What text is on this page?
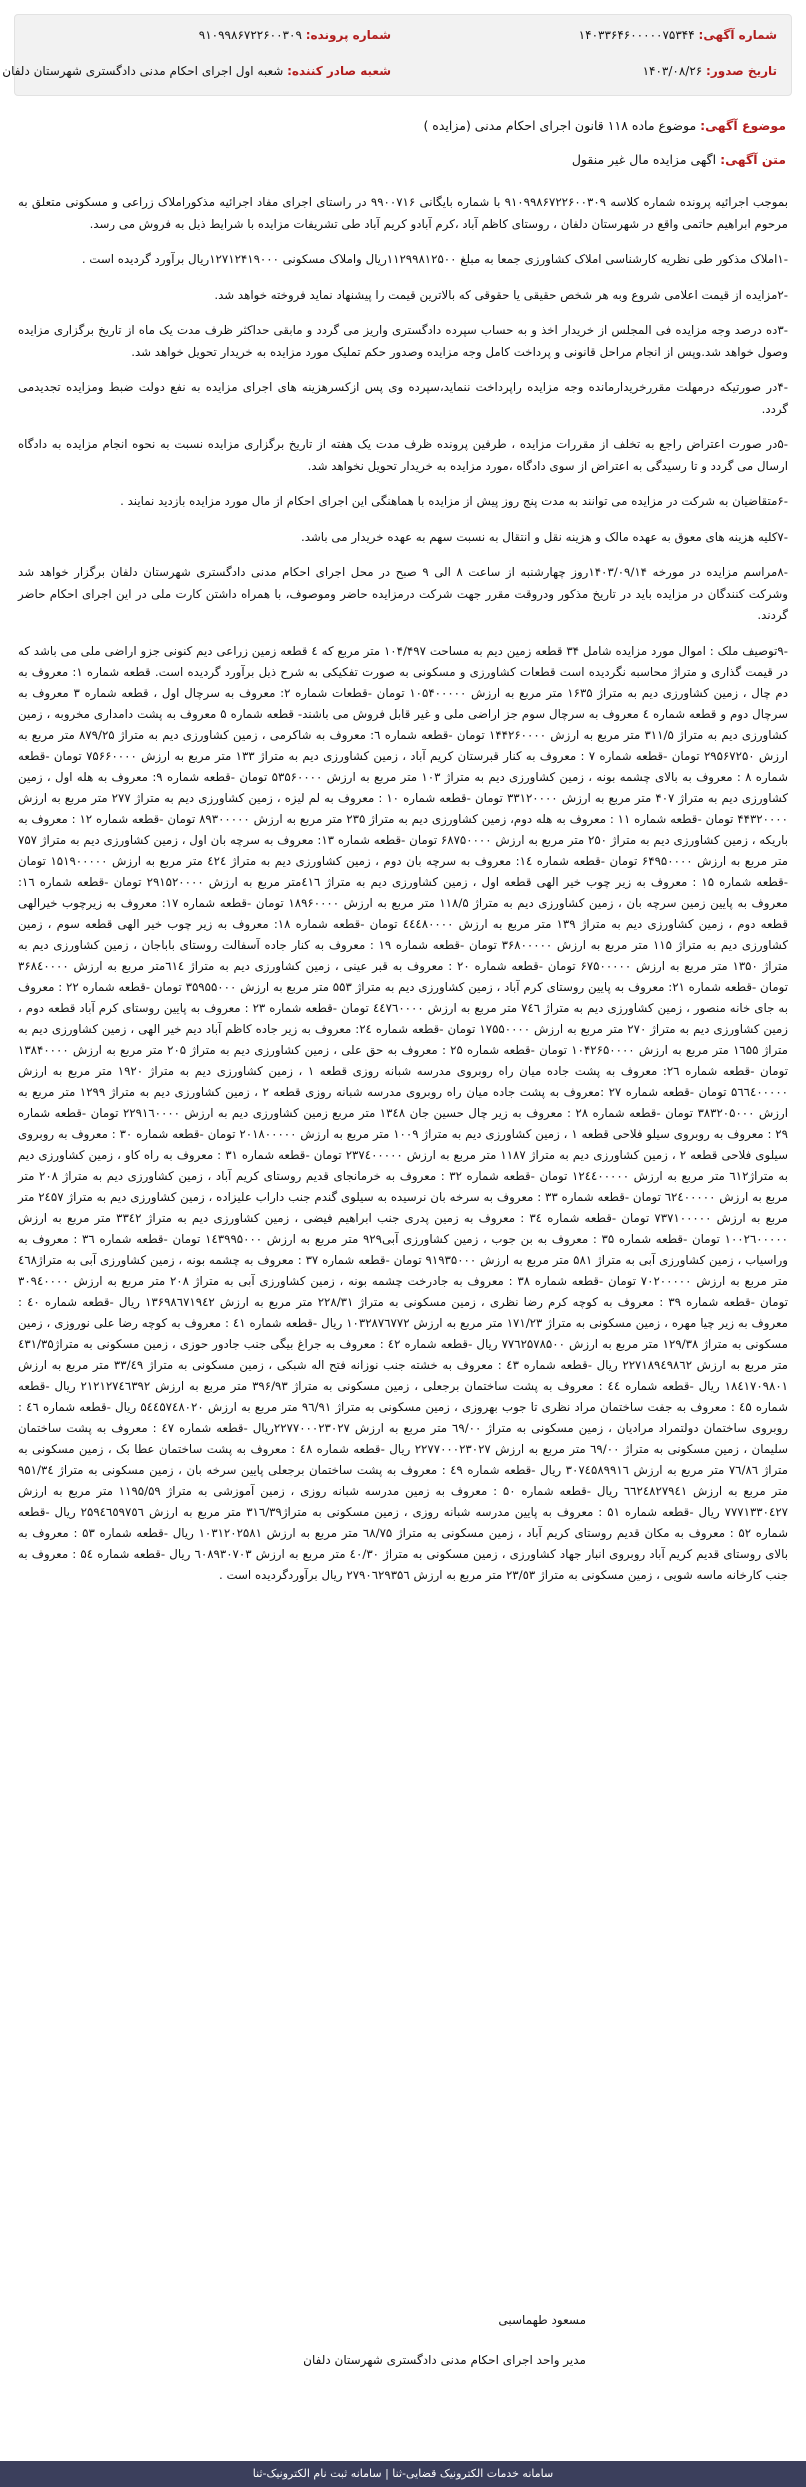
شماره آگهی: ۱۴۰۳۳۶۴۶۰۰۰۰۰۷۵۳۴۴
شماره پرونده: ۹۱۰۹۹۸۶۷۲۲۶۰۰۳۰۹
تاریخ صدور: ۱۴۰۳/۰۸/۲۶
شعبه صادر کننده: شعبه اول اجرای احکام مدنی دادگستری شهرستان دلفان
موضوع آگهی: موضوع ماده ۱۱۸ قانون اجرای احکام مدنی (مزایده )
متن آگهی: اگهی مزایده مال غیر منقول

بموجب اجرائیه پرونده شماره کلاسه ۹۱۰۹۹۸۶۷۲۲۶۰۰۳۰۹ با شماره بایگانی ۹۹۰۰۷۱۶ در راستای اجرای مفاد اجرائیه مذکوراملاک زراعی و مسکونی متعلق به مرحوم ابراهیم حاتمی واقع در شهرستان دلفان ، روستای کاظم آباد ،کرم آبادو کریم آباد طی تشریفات مزایده با شرایط ذیل به فروش می رسد.

-۱املاک مذکور طی نظریه کارشناسی املاک کشاورزی جمعا به مبلغ ۱۱۲۹۹۸۱۲۵۰۰ریال واملاک مسکونی ۱۲۷۱۲۴۱۹۰۰۰ریال برآورد گردیده است .

-۲مزایده از قیمت اعلامی شروع وبه هر شخص حقیقی یا حقوقی که بالاترین قیمت را پیشنهاد نماید فروخته خواهد شد.

-۳ده درصد وجه مزایده فی المجلس از خریدار اخذ و به حساب سپرده دادگستری واریز می گردد و مابقی حداکثر ظرف مدت یک ماه از تاریخ برگزاری مزایده وصول خواهد شد.وپس از انجام مراحل قانونی و پرداخت کامل وجه مزایده وصدور حکم تملیک مورد مزایده به خریدار تحویل خواهد شد.

-۴در صورتیکه درمهلت مقررخریدارمانده وجه مزایده راپرداخت ننماید،سپرده وی پس ازکسرهزینه های اجرای مزایده به نفع دولت ضبط ومزایده تجدیدمی گردد.

-۵در صورت اعتراض راجع به تخلف از مقررات مزایده ، طرفین پرونده ظرف مدت یک هفته از تاریخ برگزاری مزایده نسبت به نحوه انجام مزایده به دادگاه ارسال می گردد و تا رسیدگی به اعتراض از سوی دادگاه ،مورد مزایده به خریدار تحویل نخواهد شد.

-۶متقاضیان به شرکت در مزایده می توانند به مدت پنج روز پیش از مزایده با هماهنگی این اجرای احکام از مال مورد مزایده بازدید نمایند .

-۷کلیه هزینه های معوق به عهده مالک و هزینه نقل و انتقال به نسبت سهم به عهده خریدار می باشد.

-۸مراسم مزایده در مورخه ۱۴۰۳/۰۹/۱۴روز چهارشنبه از ساعت ۸ الی ۹ صبح در محل اجرای احکام مدنی دادگستری شهرستان دلفان برگزار خواهد شد وشرکت کنندگان در مزایده باید در تاریخ مذکور ودروقت مقرر جهت شرکت درمزایده حاضر وموصوف، با همراه داشتن کارت ملی در این اجرای احکام حاضر گردند.

-۹توصیف ملک : اموال مورد مزایده شامل ۳۴ قطعه زمین دیم به مساحت ۱۰۴/۴۹۷ متر مربع که ٤ قطعه زمین زراعی دیم کنونی جزو اراضی ملی می باشد که در قیمت گذاری و متراژ محاسبه نگردیده است قطعات کشاورزی و مسکونی به صورت تفکیکی به شرح ذیل برآورد گردیده است. قطعه شماره ۱: معروف به دم چال ، زمین کشاورزی دیم به متراژ ۱۶۳۵ متر مربع به ارزش ۱۰۵۴۰۰۰۰۰ تومان -قطعات شماره ۲: معروف به سرچال اول ، قطعه شماره ۳ معروف به سرچال دوم و قطعه شماره ٤ معروف به سرچال سوم جز اراضی ملی و غیر قابل فروش می باشند- قطعه شماره ۵ معروف به پشت دامداری مخروبه ، زمین کشاورزی دیم به متراژ ۳۱۱/۵ متر مربع به ارزش ۱۴۴۲۶۰۰۰۰ تومان -قطعه شماره ٦: معروف به شاکرمی ، زمین کشاورزی دیم به متراژ ۸۷۹/۲۵ متر مربع به ارزش ۲۹۵۶۷۲۵۰ تومان -قطعه شماره ۷ : معروف به کنار قبرستان کریم آباد ، زمین کشاورزی دیم به متراژ ۱۳۳ متر مربع به ارزش ۷۵۶۶۰۰۰۰ تومان -قطعه شماره ۸ : معروف به بالای چشمه بونه ، زمین کشاورزی دیم به متراژ ۱۰۳ متر مربع به ارزش ۵۳۵۶۰۰۰۰ تومان -قطعه شماره ۹: معروف به هله اول ، زمین کشاورزی دیم به متراژ ۴۰۷ متر مربع به ارزش ۳۳۱۲۰۰۰۰ تومان -قطعه شماره ۱۰ : معروف به لم لیزه ، زمین کشاورزی دیم به متراژ ۲۷۷ متر مربع به ارزش ۴۴۳۲۰۰۰۰ تومان -قطعه شماره ۱۱ : معروف به هله دوم، زمین کشاورزی دیم به متراژ ۲۳۵ متر مربع به ارزش ۸۹۳۰۰۰۰۰ تومان -قطعه شماره ۱۲ : معروف به باریکه ، زمین کشاورزی دیم به متراژ ۲۵۰ متر مربع به ارزش ۶۸۷۵۰۰۰۰ تومان -قطعه شماره ۱۳: معروف به سرچه بان اول ، زمین کشاورزی دیم به متراژ ۷۵۷ متر مربع به ارزش ۶۴۹۵۰۰۰۰ تومان -قطعه شماره ۱٤: معروف به سرچه بان دوم ، زمین کشاورزی دیم به متراژ ٤٢٤ متر مربع به ارزش ۱۵۱۹۰۰۰۰۰ تومان -قطعه شماره ۱۵ : معروف به زیر چوب خیر الهی قطعه اول ، زمین کشاورزی دیم به متراژ ٤١٦متر مربع به ارزش ۲۹۱۵۲۰۰۰۰ تومان -قطعه شماره ۱٦: معروف به پایین زمین سرچه بان ، زمین کشاورزی دیم به متراژ ۱۱۸/۵ متر مربع به ارزش ۱۸۹۶۰۰۰۰ تومان -قطعه شماره ۱۷: معروف به زیرچوب خیرالهی قطعه دوم ، زمین کشاورزی دیم به متراژ ۱۳۹ متر مربع به ارزش ٤٤٤٨٠٠٠٠ تومان -قطعه شماره ۱۸: معروف به زیر چوب خیر الهی قطعه سوم ، زمین کشاورزی دیم به متراژ ۱۱۵ متر مربع به ارزش ۳۶۸۰۰۰۰۰ تومان -قطعه شماره ۱۹ : معروف به کنار جاده آسفالت روستای باباجان ، زمین کشاورزی دیم به متراژ ۱۳۵۰ متر مربع به ارزش ۶۷۵۰۰۰۰۰ تومان -قطعه شماره ۲۰ : معروف به قبر عینی ، زمین کشاورزی دیم به متراژ ٦١٤متر مربع به ارزش ۳۶۸٤٠٠٠٠ تومان -قطعه شماره ۲۱: معروف به پایین روستای کرم آباد ، زمین کشاورزی دیم به متراژ ۵۵۳ متر مربع به ارزش ۳۵۹۵۵۰۰۰ تومان -قطعه شماره ۲۲ : معروف به جای خانه منصور ، زمین کشاورزی دیم به متراژ ۷٤٦ متر مربع به ارزش ٤٤٧٦٠٠٠٠ تومان -قطعه شماره ۲۳ : معروف به پایین روستای کرم آباد قطعه دوم ، زمین کشاورزی دیم به متراژ ۲۷۰ متر مربع به ارزش ۱۷۵۵۰۰۰۰ تومان -قطعه شماره ۲٤: معروف به زیر جاده کاظم آباد دیم خیر الهی ، زمین کشاورزی دیم به متراژ ۱٦۵۵ متر مربع به ارزش ۱۰۴۲۶۵۰۰۰۰ تومان -قطعه شماره ۲۵ : معروف به حق علی ، زمین کشاورزی دیم به متراژ ۲۰۵ متر مربع به ارزش ۱۳۸۴۰۰۰۰ تومان -قطعه شماره ۲٦: معروف به پشت جاده میان راه روبروی مدرسه شبانه روزی قطعه ۱ ، زمین کشاورزی دیم به متراژ ۱۹۲۰ متر مربع به ارزش ۵٦٦٤٠٠٠٠٠ تومان -قطعه شماره ۲۷ :معروف به پشت جاده میان راه روبروی مدرسه شبانه روزی قطعه ۲ ، زمین کشاورزی دیم به متراژ ۱۲۹۹ متر مربع به ارزش ۳۸۳۲۰۵۰۰۰ تومان -قطعه شماره ۲۸ : معروف به زیر چال حسین جان ۱۳٤۸ متر مربع زمین کشاورزی دیم به ارزش ۲۲۹۱٦٠٠٠٠ تومان -قطعه شماره ۲۹ : معروف به روبروی سیلو فلاحی قطعه ۱ ، زمین کشاورزی دیم به متراژ ۱۰۰۹ متر مربع به ارزش ۲۰۱۸۰۰۰۰۰ تومان -قطعه شماره ۳۰ : معروف به روبروی سیلوی فلاحی قطعه ۲ ، زمین کشاورزی دیم به متراژ ۱۱۸۷ متر مربع به ارزش ۲۳۷٤۰۰۰۰۰ تومان -قطعه شماره ۳۱ : معروف به راه کاو ، زمین کشاورزی دیم به متراژ٦۱۲ متر مربع به ارزش ۱۲٤٤۰۰۰۰۰ تومان -قطعه شماره ۳۲ : معروف به خرمانجای قدیم روستای کریم آباد ، زمین کشاورزی دیم به متراژ ۲۰۸ متر مربع به ارزش ٦٢٤٠٠٠٠٠ تومان -قطعه شماره ۳۳ : معروف به سرخه بان نرسیده به سیلوی گندم جنب داراب علیزاده ، زمین کشاورزی دیم به متراژ ۲٤۵۷ متر مربع به ارزش ۷۳۷۱۰۰۰۰۰ تومان -قطعه شماره ۳٤ : معروف به زمین پدری جنب ابراهیم فیضی ، زمین کشاورزی دیم به متراژ ۳۳٤۲ متر مربع به ارزش ۱۰۰۲٦۰۰۰۰۰ تومان -قطعه شماره ۳۵ : معروف به بن جوب ، زمین کشاورزی آبی۹۲۹ متر مربع به ارزش ۱٤۳۹۹۵۰۰۰ تومان -قطعه شماره ۳٦ : معروف به وراسیاب ، زمین کشاورزی آبی به متراژ ۵۸۱ متر مربع به ارزش ۹۱۹۳۵۰۰۰ تومان -قطعه شماره ۳۷ : معروف به چشمه بونه ، زمین کشاورزی آبی به متراژ٤٦٨ متر مربع به ارزش ۷۰۲۰۰۰۰۰ تومان -قطعه شماره ۳۸ : معروف به جادرخت چشمه بونه ، زمین کشاورزی آبی به متراژ ۲۰۸ متر مربع به ارزش ۳۰۹٤۰۰۰۰ تومان -قطعه شماره ۳۹ : معروف به کوچه کرم رضا نظری ، زمین مسکونی به متراژ ۲۲۸/۳۱ متر مربع به ارزش ۱۳۶۹۸٦۷۱۹٤۲ ریال -قطعه شماره ٤۰ : معروف به زیر چیا مهره ، زمین مسکونی به متراژ ۱۷۱/۲۳ متر مربع به ارزش ۱۰۳۲۸۷٦٧٧٢ ریال -قطعه شماره ٤۱ : معروف به کوچه رضا علی نوروزی ، زمین مسکونی به متراژ ۱۲۹/۳۸ متر مربع به ارزش ۷۷٦٢۵۷۸۵۰۰ ریال -قطعه شماره ٤۲ : معروف به جراغ بیگی جنب جادور حوزی ، زمین مسکونی به متراژ٤۳۱/۳۵ متر مربع به ارزش ۲۲۷۱۸۹٤۹۸٦۲ ریال -قطعه شماره ٤۳ : معروف به خشته جنب نوزانه فتح اله شبکی ، زمین مسکونی به متراژ ۳۳/٤۹ متر مربع به ارزش ۱۸٤۱۷۰۹۸۰۱ ریال -قطعه شماره ٤٤ : معروف به پشت ساختمان برجعلی ، زمین مسکونی به متراژ ۳۹۶/۹۳ متر مربع به ارزش ۲۱۲۱۲۷٤٦۳۹۲ ریال -قطعه شماره ٤۵ : معروف به جفت ساختمان مراد نظری تا جوب بهروزی ، زمین مسکونی به متراژ ۹٦/۹۱ متر مربع به ارزش ۵٤٤۵۷٤۸۰۲۰ ریال -قطعه شماره ٤٦ : روبروی ساختمان دولتمراد مرادیان ، زمین مسکونی به متراژ ٦۹/۰۰ متر مربع به ارزش ۲۲۷۷۰۰۰۲۳۰۲۷ریال -قطعه شماره ٤۷ : معروف به پشت ساختمان سلیمان ، زمین مسکونی به متراژ ٦۹/۰۰ متر مربع به ارزش ۲۲۷۷۰۰۰۲۳۰۲۷ ریال -قطعه شماره ٤۸ : معروف به پشت ساختمان عطا بک ، زمین مسکونی به متراژ ۷٦/۸٦ متر مربع به ارزش ۳۰۷٤۵۸۹۹۱٦ ریال -قطعه شماره ٤۹ : معروف به پشت ساختمان برجعلی پایین سرخه بان ، زمین مسکونی به متراژ ۹۵۱/۳٤ متر مربع به ارزش ٦٦٢٤٨٢٧۹٤۱ ریال -قطعه شماره ۵۰ : معروف به زمین مدرسه شبانه روزی ، زمین آموزشی به متراژ ۱۱۹۵/۵۹ متر مربع به ارزش ۷۷۷۱۳۳۰٤۲۷ ریال -قطعه شماره ۵۱ : معروف به پایین مدرسه شبانه روزی ، زمین مسکونی به متراژ۳۱٦/۳۹ متر مربع به ارزش ۲۵۹٤٦٥٩٧٥٦ ریال -قطعه شماره ۵۲ : معروف به مکان قدیم روستای کریم آباد ، زمین مسکونی به متراژ ٦۸/۷۵ متر مربع به ارزش ۱۰۳۱۲۰۲۵۸۱ ریال -قطعه شماره ۵۳ : معروف به بالای روستای قدیم کریم آباد روبروی انبار جهاد کشاورزی ، زمین مسکونی به متراژ ٤٠/٣٠ متر مربع به ارزش ٦٠٨۹۳۰۷٠٣ ریال -قطعه شماره ۵٤ : معروف به جنب کارخانه ماسه شویی ، زمین مسکونی به متراژ ۲۳/٥٣ متر مربع به ارزش ۲۷۹۰٦۲۹۳۵٦ ریال برآوردگردیده است .

مسعود طهماسبی
مدیر واحد اجرای احکام مدنی دادگستری شهرستان دلفان
سامانه خدمات الکترونیک قضایی-ثنا | سامانه ثبت نام الکترونیک-ثنا
